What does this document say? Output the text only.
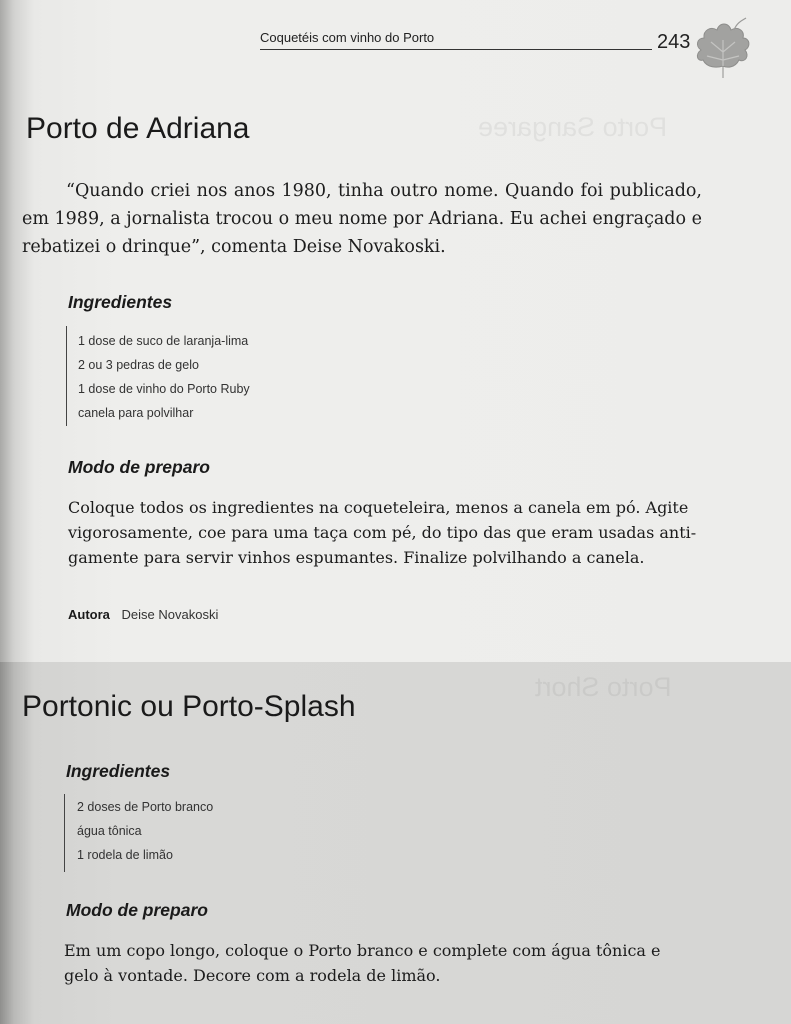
Porto Sangaree
Porto Short
Coquetéis com vinho do Porto	243
Porto de Adriana

“Quando criei nos anos 1980, tinha outro nome. Quando foi publicado, em 1989, a jornalista trocou o meu nome por Adriana. Eu achei engraçado e rebatizei o drinque”, comenta Deise Novakoski.

Ingredientes
1 dose de suco de laranja-lima
2 ou 3 pedras de gelo
1 dose de vinho do Porto Ruby
canela para polvilhar
Modo de preparo
Coloque todos os ingredientes na coqueteleira, menos a canela em pó. Agite
vigorosamente, coe para uma taça com pé, do tipo das que eram usadas anti-
gamente para servir vinhos espumantes. Finalize polvilhando a canela.
Autora Deise Novakoski
Portonic ou Porto-Splash
Ingredientes
2 doses de Porto branco
água tônica
1 rodela de limão
Modo de preparo
Em um copo longo, coloque o Porto branco e complete com água tônica e
gelo à vontade. Decore com a rodela de limão.
